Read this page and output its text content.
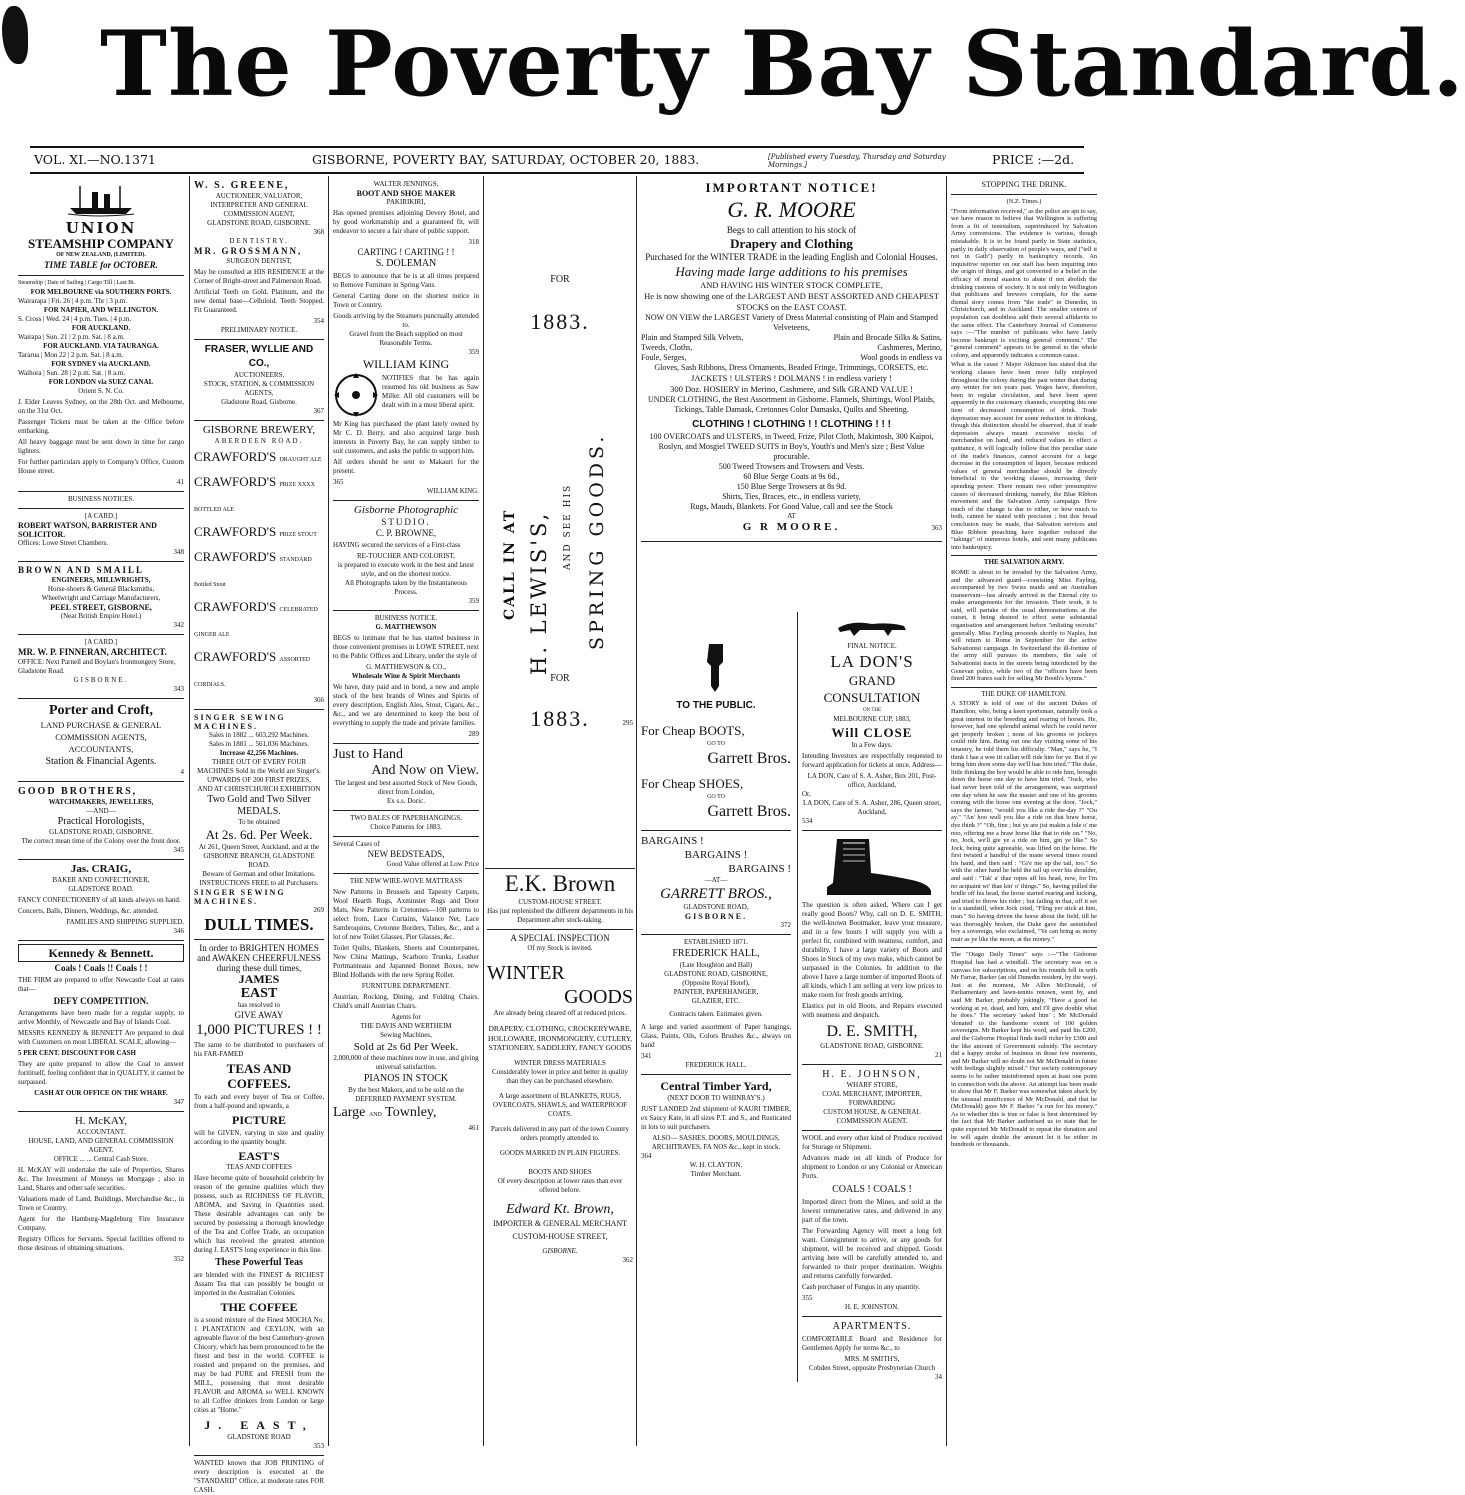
The Poverty Bay Standard.
VOL. XI.—NO.1371	GISBORNE, POVERTY BAY, SATURDAY, OCTOBER 20, 1883.	[Published every Tuesday, Thursday and Saturday Mornings.]	PRICE :—2d.
UNION
STEAMSHIP COMPANY
OF NEW ZEALAND, (LIMITED).
TIME TABLE for OCTOBER.
Steamship | Date of Sailing | Cargo Till | Last Bt.
FOR MELBOURNE via SOUTHERN PORTS.
Wairarapa | Fri. 26 | 4 p.m. Thr | 3 p.m.
FOR NAPIER, AND WELLINGTON.
S. Cross | Wed. 24 | 4 p.m. Tues. | 4 p.m.
FOR AUCKLAND.
Wairapa | Sun. 21 | 2 p.m. Sat. | 8 a.m.
FOR AUCKLAND. VIA TAURANGA.
Tararua | Mon 22 | 2 p.m. Sat. | 8 a.m.
FOR SYDNEY via AUCKLAND.
Waihora | Sun. 28 | 2 p.m. Sat. | 8 a.m.
FOR LONDON via SUEZ CANAL
Orient S. N. Co.
J. Elder Leaves Sydney, on the 28th Oct. and Melbourne, on the 31st Oct.
Passenger Tickets must be taken at the Office before embarking.
All heavy baggage must be sent down in time for cargo lighters.
For further particulars apply to Company's Office, Custom House street.
41
BUSINESS NOTICES.
[A CARD.]
ROBERT WATSON, BARRISTER AND SOLICITOR.
Offices: Lowe Street Chambers.
348
BROWN AND SMAILL
ENGINEERS, MILLWRIGHTS,
Horse-shoers & General Blacksmiths,
Wheelwright and Carriage Manufacturers,
PEEL STREET, GISBORNE,
(Near British Empire Hotel.)
342
[A CARD.]
MR. W. P. FINNERAN, ARCHITECT.
OFFICE: Next Parnell and Boylan's Ironmongery Store, Gladstone Road.
GISBORNE.
343
Porter and Croft,
LAND PURCHASE & GENERAL
COMMISSION AGENTS,
ACCOUNTANTS,
Station & Financial Agents.
4
GOOD BROTHERS,
WATCHMAKERS, JEWELLERS,
—AND—
Practical Horologists,
GLADSTONE ROAD, GISBORNE.
The correct mean time of the Colony over the front door.
345
Jas. CRAIG,
BAKER AND CONFECTIONER,
GLADSTONE ROAD.
FANCY CONFECTIONERY of all kinds always on hand.
Concerts, Balls, Dinners, Weddings, &c. attended.
FAMILIES AND SHIPPING SUPPLIED.
346
Kennedy & Bennett.
Coals ! Coals !! Coals ! !
THE FIRM are prepared to offer Newcastle Coal at rates that—
DEFY COMPETITION.
Arrangements have been made for a regular supply, to arrive Monthly, of Newcastle and Bay of Islands Coal.
MESSRS KENNEDY & BENNETT Are prepared to deal with Customers on most LIBERAL SCALE, allowing—
5 PER CENT. DISCOUNT FOR CASH
They are quite prepared to allow the Coal to answer forititself, feeling confident that in QUALITY, it cannot be surpassed.
CASH AT OUR OFFICE ON THE WHARF.
347
H. McKAY,
ACCOUNTANT.
HOUSE, LAND, AND GENERAL COMMISSION AGENT.
OFFICE ... ... Central Cash Store.
H. McKAY will undertake the sale of Properties, Shares &c. The Investment of Moneys on Mortgage ; also in Land, Shares and other safe securities.
Valuations made of Land, Buildings, Merchandise &c., in Town or Country.
Agent for the Hamburg-Magdeburg Fire Insurance Company.
Registry Offices for Servants. Special facilities offered to those desirous of obtaining situations.
352
W. S. GREENE,
AUCTIONEER, VALUATOR,
INTERPRETER AND GENERAL COMMISSION AGENT,
GLADSTONE ROAD, GISBORNE.
368
DENTISTRY.
MR. GROSSMANN,
SURGEON DENTIST,
May be consulted at HIS RESIDENCE at the Corner of Bright-street and Palmerston Road.
Artificial Teeth on Gold, Platinum, and the new dental base—Celluloid. Teeth Stopped. Fit Guaranteed.
354
PRELIMINARY NOTICE.
FRASER, WYLLIE AND CO.,
AUCTIONEERS,
STOCK, STATION, & COMMISSION AGENTS,
Gladstone Road, Gisborne.
367
GISBORNE BREWERY,
ABERDEEN ROAD.
CRAWFORD'S DRAUGHT ALE
CRAWFORD'S PRIZE XXXX BOTTLED ALE
CRAWFORD'S PRIZE STOUT
CRAWFORD'S STANDARD Bottled Stout
CRAWFORD'S CELEBRATED GINGER ALE
CRAWFORD'S ASSORTED CORDIALS.
366
SINGER SEWING MACHINES.
Sales in 1882 ... 603,292 Machines.
Sales in 1881 ... 561,036 Machines.
Increase 42,256 Machines.
THREE OUT OF EVERY FOUR MACHINES Sold in the World are Singer's.
UPWARDS OF 200 FIRST PRIZES,
AND AT CHRISTCHURCH EXHIBITION
Two Gold and Two Silver MEDALS.
To be obtained
At 2s. 6d. Per Week.
At 261, Queen Street, Auckland, and at the GISBORNE BRANCH, GLADSTONE ROAD.
Beware of German and other Imitations.
INSTRUCTIONS FREE to all Purchasers.
SINGER SEWING MACHINES.
269
DULL TIMES.
In order to BRIGHTEN HOMES and AWAKEN CHEERFULNESS during these dull times,
JAMES
EAST
has resolved to
GIVE AWAY
1,000 PICTURES ! !
The same to be distributed to purchasers of his FAR-FAMED
TEAS AND COFFEES.
To each and every buyer of Tea or Coffee, from a half-pound and upwards, a
PICTURE
will be GIVEN, varying in size and quality according to the quantity bought.
EAST'S
TEAS AND COFFEES
Have become quite of household celebrity by reason of the genuine qualities which they possess, such as RICHNESS OF FLAVOR, AROMA, and Saving in Quantities used. These desirable advantages can only be secured by possessing a thorough knowledge of the Tea and Coffee Trade, an occupation which has received the greatest attention during J. EAST'S long experience in this line.
These Powerful Teas
are blended with the FINEST & RICHEST Assam Tea that can possibly be bought or imported in the Australian Colonies.
THE COFFEE
is a sound mixture of the Finest MOCHA No. 1 PLANTATION and CEYLON, with an agreeable flavor of the best Canterbury-grown Chicory, which has been pronounced to be the finest and best in the world. COFFEE is roasted and prepared on the premises, and may be had PURE and FRESH from the MILL, possessing that most desirable FLAVOR and AROMA so WELL KNOWN to all Coffee drinkers from London or large cities at "Home."
J. EAST,
GLADSTONE ROAD
353
WANTED known that JOB PRINTING of every description is executed at the "STANDARD" Office, at moderate rates FOR CASH.
WALTER JENNINGS,
BOOT AND SHOE MAKER
PAKIRIKIRI,
Has opened premises adjoining Devery Hotel, and by good workmanship and a guaranteed fit, will endeavor to secure a fair share of public support.
318
CARTING ! CARTING ! !
S. DOLEMAN
BEGS to announce that he is at all times prepared to Remove Furniture in Spring Vans.
General Carting done on the shortest notice in Town or Country.
Goods arriving by the Steamers punctually attended to.
Gravel from the Beach supplied on most Reasonable Terms.
359
WILLIAM KING
NOTIFIES that he has again resumed his old business as Saw Miller. All old customers will be dealt with in a most liberal spirit.
Mr King has purchased the plant lately owned by Mr C. D. Berry, and also acquired large bush interests in Poverty Bay, he can supply timber to suit customers, and asks the public to support him.
All orders should be sent to Makauri for the present.
365
WILLIAM KING.
Gisborne Photographic
STUDIO.
C. P. BROWNE,
HAVING secured the services of a First-class
RE-TOUCHER AND COLORIST,
is prepared to execute work in the best and latest style, and on the shortest notice.
All Photographs taken by the Instantaneous Process.
359
BUSINESS NOTICE.
G. MATTHEWSON
BEGS to intimate that he has started business in those convenient premises in LOWE STREET, next to the Public Offices and Library, under the style of
G. MATTHEWSON & CO.,
Wholesale Wine & Spirit Merchants
We have, duty paid and in bond, a new and ample stock of the best brands of Wines and Spirits of every description, English Ales, Stout, Cigars, &c., &c., and we are determined to keep the best of everything to supply the trade and private families.
289
Just to Hand
And Now on View.
The largest and best assorted Stock of New Goods, direct from London,
Ex s.s. Doric.
TWO BALES OF PAPERHANGINGS,
Choice Patterns for 1883.
Several Cases of
NEW BEDSTEADS,
Good Value offered at Low Price
THE NEW WIRE-WOVE MATTRASS
New Patterns in Brussels and Tapestry Carpets, Wool Hearth Rugs, Axminster Rugs and Door Mats, New Patterns in Cretonnes—100 patterns to select from, Lace Curtains, Valance Net, Lace Sambroquins, Cretonne Borders, Tidies, &c., and a lot of new Toilet Glasses, Pier Glasses, &c.
Toilet Quilts, Blankets, Sheets and Counterpanes, New China Mattings, Scarboro Trunks, Leather Portmanteaus and Japanned Bonnet Boxes, new Blind Hollands with the new Spring Roller.
FURNITURE DEPARTMENT.
Austrian, Rocking, Dining, and Folding Chairs. Child's small Austrian Chairs.
Agents for
THE DAVIS AND WERTHEIM
Sewing Machines,
Sold at 2s 6d Per Week.
2,000,000 of these machines now in use, and giving universal satisfaction.
PIANOS IN STOCK
By the best Makers, and to be sold on the DEFERRED PAYMENT SYSTEM.
Large AND Townley,
461
FOR
1883.
FOR
1883.	295
CALL IN AT H. LEWIS'S,	AND SEE HIS SPRING GOODS.
E.K. Brown
CUSTOM-HOUSE STREET.
Has just replenished the different departments in his Department after stock-taking.
A SPECIAL INSPECTION
Of my Stock is invited.
WINTER
GOODS
Are already being cleared off at reduced prices.
DRAPERY, CLOTHING, CROCKERYWARE, HOLLOWARE, IRONMONGERY, CUTLERY, STATIONERY, SADDLERY, FANCY GOODS
WINTER DRESS MATERIALS
Considerably lower in price and better in quality than they can be purchased elsewhere.
A large assortment of BLANKETS, RUGS, OVERCOATS, SHAWLS, and WATERPROOF COATS.
Parcels delivered in any part of the town Country orders promptly attended to.
GOODS MARKED IN PLAIN FIGURES.
BOOTS AND SHOES
Of every description at lower rates than ever offered before.
Edward Kt. Brown,
IMPORTER & GENERAL MERCHANT
CUSTOM-HOUSE STREET,
GISBORNE.
362
IMPORTANT NOTICE!
G. R. MOORE
Begs to call attention to his stock of
Drapery and Clothing
Purchased for the WINTER TRADE in the leading English and Colonial Houses.
Having made large additions to his premises
AND HAVING HIS WINTER STOCK COMPLETE,
He is now showing one of the LARGEST AND BEST ASSORTED AND CHEAPEST STOCKS on the EAST COAST.
NOW ON VIEW the LARGEST Variety of Dress Material consisting of Plain and Stamped Velveteens,
Plain and Stamped Silk Velvets,	Plain and Brocade Silks & Satins,
Tweeds, Cloths,	Cashmeres, Merino,
Foule, Serges,	Wool goods in endless va
Gloves, Sash Ribbons, Dress Ornaments, Beaded Fringe, Trimmings, CORSETS, etc.
JACKETS ! ULSTERS ! DOLMANS ! in endless variety !
300 Doz. HOSIERY in Merino, Cashmere, and Silk GRAND VALUE !
UNDER CLOTHING, the Best Assortment in Gisborne. Flannels, Shirtings, Wool Plaids, Tickings, Table Damask, Cretonnes Color Damasks, Quilts and Sheeting.
CLOTHING ! CLOTHING ! ! CLOTHING ! ! !
100 OVERCOATS and ULSTERS, in Tweed, Frize, Pilot Cloth, Makintosh, 300 Kaipoi, Roslyn, and Mosgiel TWEED SUITS in Boy's, Youth's and Men's size ; Best Value procurable.
500 Tweed Trowsers and Trowsers and Vests.
60 Blue Serge Coats at 9s 6d.,
150 Blue Serge Trowsers at 8s 9d.
Shirts, Ties, Braces, etc., in endless variety,
Rugs, Mauds, Blankets. For Good Value, call and see the Stock
AT
G R MOORE.	363
TO THE PUBLIC.
For Cheap BOOTS,
GO TO
Garrett Bros.
For Cheap SHOES,
GO TO
Garrett Bros.
BARGAINS !
BARGAINS !
BARGAINS !
—AT—
GARRETT BROS.,
GLADSTONE ROAD,
GISBORNE.
372
ESTABLISHED 1871.
FREDERICK HALL,
(Late Houghton and Hall)
GLADSTONE ROAD, GISBORNE,
(Opposite Royal Hotel),
PAINTER, PAPERHANGER,
GLAZIER, ETC.
Contracts taken. Estimates given.
A large and varied assortment of Paper hangings, Glass, Paints, Oils, Colors Brushes &c., always on hand
341
FREDERICK HALL.
Central Timber Yard,
(NEXT DOOR TO WHINRAY'S.)
JUST LANDED 2nd shipment of KAURI TIMBER, ex Saucy Kate, in all sizes P.T. and S., and Rusticated in lots to suit purchasers.
ALSO— SASHES, DOORS, MOULDINGS, ARCHITRAVES, FA NOS &c., kept in stock.
364
W. H. CLAYTON,
Timber Merchant.
FINAL NOTICE.
LA DON'S
GRAND CONSULTATION
ON THE
MELBOURNE CUP, 1883,
Will CLOSE
In a Few days.
Intending Investors are respectfully requested to forward application for tickets at once. Address—
LA DON, Care of S. A. Asher, Box 201, Post-office, Auckland,
Or,
LA DON, Care of S. A. Asher, 286, Queen street, Auckland,
534
The question is often asked, Where can I get really good Boots? Why, call on D. E. SMITH, the well-known Bootmaker, leave your measure, and in a few hours I will supply you with a perfect fit, combined with neatness, comfort, and durability. I have a large variety of Boots and Shoes in Stock of my own make, which cannot be surpassed in the Colonies. In addition to the above I have a large number of imported Boots of all kinds, which I am selling at very low prices to make room for fresh goods arriving.
Elastics put in old Boots, and Repairs executed with neatness and despatch.
D. E. SMITH,
GLADSTONE ROAD, GISBORNE.
21
H. E. JOHNSON,
WHARF STORE,
COAL MERCHANT, IMPORTER,
FORWARDING
CUSTOM HOUSE, & GENERAL COMMISSION AGENT.
WOOL and every other kind of Produce received for Storage or Shipment.
Advances made on all kinds of Produce for shipment to London or any Colonial or American Ports.
COALS ! COALS !
Imported direct from the Mines, and sold at the lowest remunerative rates, and delivered in any part of the town.
The Forwarding Agency will meet a long felt want. Consignment to arrive, or any goods for shipment, will be received and shipped. Goods arriving here will be carefully attended to, and forwarded to their proper destination. Weights and returns carefully forwarded.
Cash purchaser of Fungus in any quantity.
355
H. E. JOHNSTON.
APARTMENTS.
COMFORTABLE Board and Residence for Gentlemen Apply for terms &c., to
MRS. M SMITH'S,
Cobden Street, opposite Presbyterian Church
34
STOPPING THE DRINK.
(N.Z. Times.)
"From information received," as the police are apt to say, we have reason to believe that Wellington is suffering from a fit of teetotalism, superinduced by Salvation Army conversions. The evidence is various, though mistakable. It is to be found partly in State statistics, partly in daily observation of people's ways, and ("tell it not in Gath") partly in bankruptcy records. An inquisitive reporter on our staff has been inquiring into the origin of things, and got converted to a belief in the efficacy of moral suasion to abate if not abolish the drinking customs of society. It is not only in Wellington that publicans and brewers complain, for the same dismal story comes from "the trade" in Dunedin, in Christchurch, and in Auckland. The smaller centres of population can doubtless add their several affidavits to the same effect. The Canterbury Journal of Commerce says :—"The number of publicans who have lately become bankrupt is exciting general comment." The "general comment" appears to be general to the whole colony, and apparently indicates a common cause.
What is the cause ? Major Atkinson has stated that the working classes have been more fully employed throughout the colony during the past winter than during any winter for ten years past. Wages have, therefore, been in regular circulation, and have been spent apparently in the customary channels, excepting this one item of decreased consumption of drink. Trade depression may account for some reduction in drinking, though this distinction should be observed, that if trade depression always meant excessive stocks of merchandise on hand, and reduced values to effect a quittance, it will logically follow that this peculiar state of the trade's finances, cannot account for a large decrease in the consumption of liquor, because reduced values of general merchandise should be directly beneficial to the working classes, increasing their spending power. There remain two other presumptive causes of decreased drinking, namely, the Blue Ribbon movement and the Salvation Army campaign. How much of the change is due to either, or how much to both, cannot be stated with precision ; but this broad conclusion may be made, that Salvation services and Blue Ribbon preaching have together reduced the "takings" of numerous hotels, and sent many publicans into bankruptcy.
THE SALVATION ARMY.
ROME is about to be invaded by the Salvation Army, and the advanced guard—consisting Miss Fayling, accompanied by two Swiss maids and an Australian manservant—has already arrived in the Eternal city to make arrangements for the invasion. Their work, it is said, will partake of the usual demonstrations at the outset, it being desired to effect some substantial organisation and arrangement before "enlisting recruits" generally. Miss Fayling proceeds shortly to Naples, but will return to Rome in September for the active Salvationist campaign. In Switzerland the ill-fortune of the army still pursues its members, the sale of Salvationist tracts in the streets being interdicted by the Genevan police, while two of the "officers have been fined 200 francs each for selling Mr Booth's hymns."
THE DUKE OF HAMILTON.
A STORY is told of one of the ancient Dukes of Hamilton, who, being a keen sportsman, naturally took a great interest in the breeding and rearing of horses. He, however, had one splendid animal which he could never get properly broken ; none of his grooms or jockeys could ride him. Being out one day visiting some of his tenantry, he told them his difficulty. "Man," says he, "I think I hae a wee tit callan will ride him for ye. But if ye bring him doon some day we'll hae him tried." The duke, little thinking the boy would be able to ride him, brought down the horse one day to have him tried. "Jock, who had never been told of the arrangement, was surprised one day when he saw the master and one of his grooms coming with the horse one evening at the door. "Jock," says the farmer, "would you like a ride the-day ?" "Ou ay." "An' hoo wull you like a ride on that braw horse, dye think ?" "Oh, fine ; but ye are jist makin a fule o' me noo, offering me a braw horse like that to ride on." "No, no, Jock, we'll gie ye a ride on him, gin ye like." So Jock, being quite agreeable, was lifted on the horse. He first twisted a handful of the mane several times round his hand, and then said : "Gi'e me up the tail, too." So with the other hand he held the tail up over his shoulder, and said : "Tak' a' thae ropes aff his head, now, for I'm no acquaint wi' thae kin' o' things." So, having pulled the bridle off his head, the horse started rearing and kicking, and tried to throw his rider ; but failing in that, off it set to a standstill, when Jock cried, "Fling yer stick at him, man." So having driven the horse about the field, till he was thoroughly broken, the Duke gave the astonished boy a sovereign, who exclaimed, "Ye can bring as mony mair as ye like the moon, at the money."
The "Otago Daily Times" says :—"The Gisborne Hospital has had a windfall. The secretary was on a canvass for subscriptions, and on his rounds fell in with Mr Farrar, Barker (an old Dunedin resident, by the way). Just at the moment, Mr Allen McDonald, of Parliamentary and lawn-tennis renown, went by, and said Mr Barker, probably jokingly, "Have a good fat working at ye, dead, and him, and I'll give double what he does." The secretary 'asked him' ; Mr McDonald 'donated' to the handsome extent of 100 golden sovereigns. Mr Barker kept his word, and paid his £200, and the Gisborne Hospital finds itself richer by £300 and the like amount of Government subsidy. The secretary did a happy stroke of business in those few moments, and Mr Barker will no doubt not Mr McDonald in future with feelings slightly mixed." Our society contemporary seems to be rather misinformed upon at least one point in connection with the above. An attempt has been made to show that Mr F. Barker was somewhat taken aback by the unusual munificence of Mr McDonald, and that he (McDonald) gave Mr F. Barker "a run for his money." As to whether this is true or false is best determined by the fact that Mr Barker authorised us to state that he quite expected Mr McDonald to repeat the donation and he will again double the amount let it be either in hundreds or thousands.
